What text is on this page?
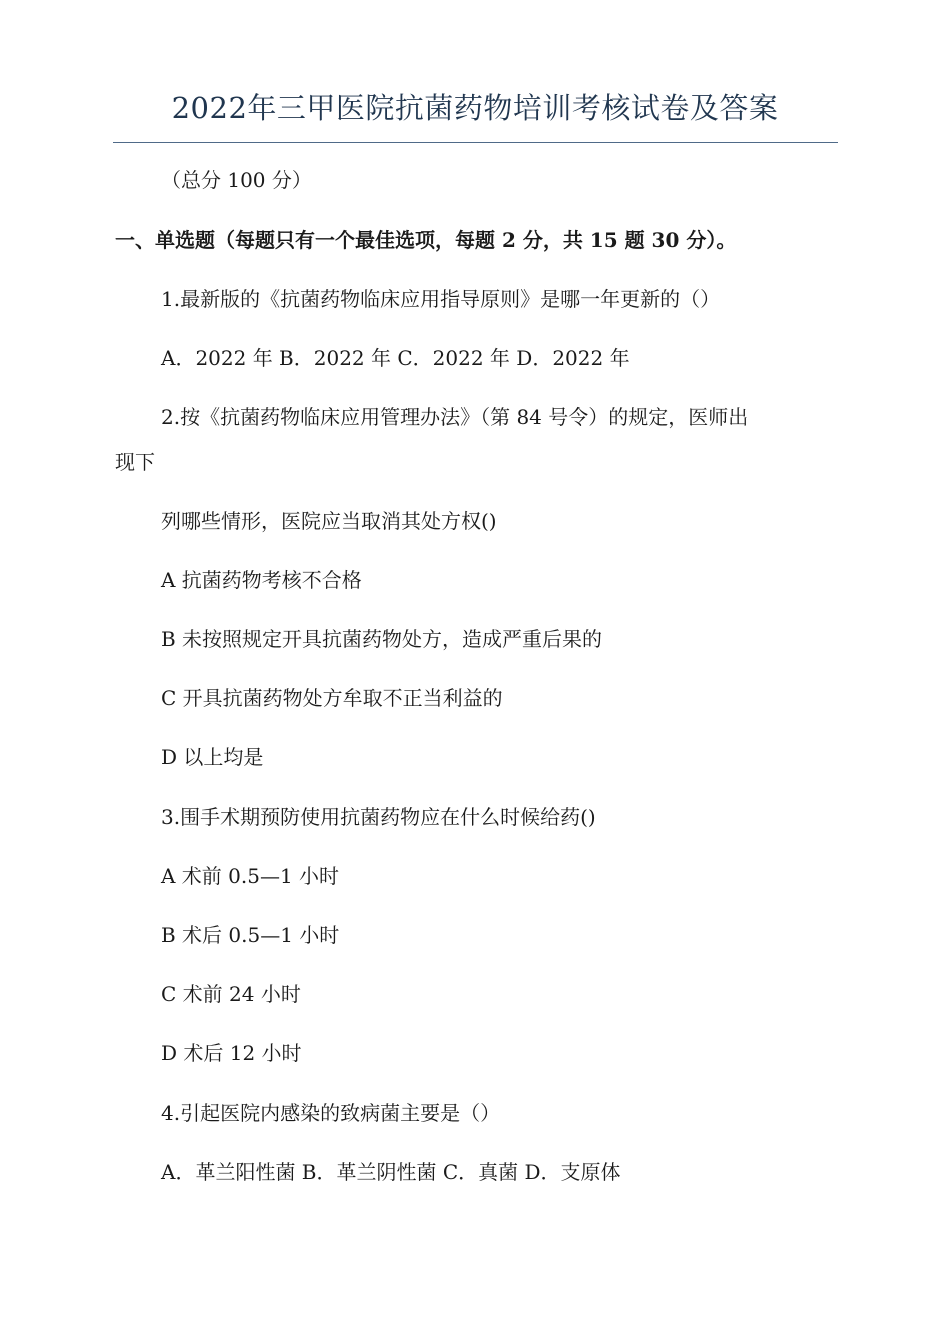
2022年三甲医院抗菌药物培训考核试卷及答案
（总分 100 分）
一、单选题（每题只有一个最佳选项，每题 2 分，共 15 题 30 分）。
1.最新版的《抗菌药物临床应用指导原则》是哪一年更新的（）
A．2022 年 B．2022 年 C．2022 年 D．2022 年
2.按《抗菌药物临床应用管理办法》（第 84 号令）的规定，医师出
现下
列哪些情形，医院应当取消其处方权()
A 抗菌药物考核不合格
B 未按照规定开具抗菌药物处方，造成严重后果的
C 开具抗菌药物处方牟取不正当利益的
D 以上均是
3.围手术期预防使用抗菌药物应在什么时候给药()
A 术前 0.5—1 小时
B 术后 0.5—1 小时
C 术前 24 小时
D 术后 12 小时
4.引起医院内感染的致病菌主要是（）
A．革兰阳性菌 B．革兰阴性菌 C．真菌 D．支原体
